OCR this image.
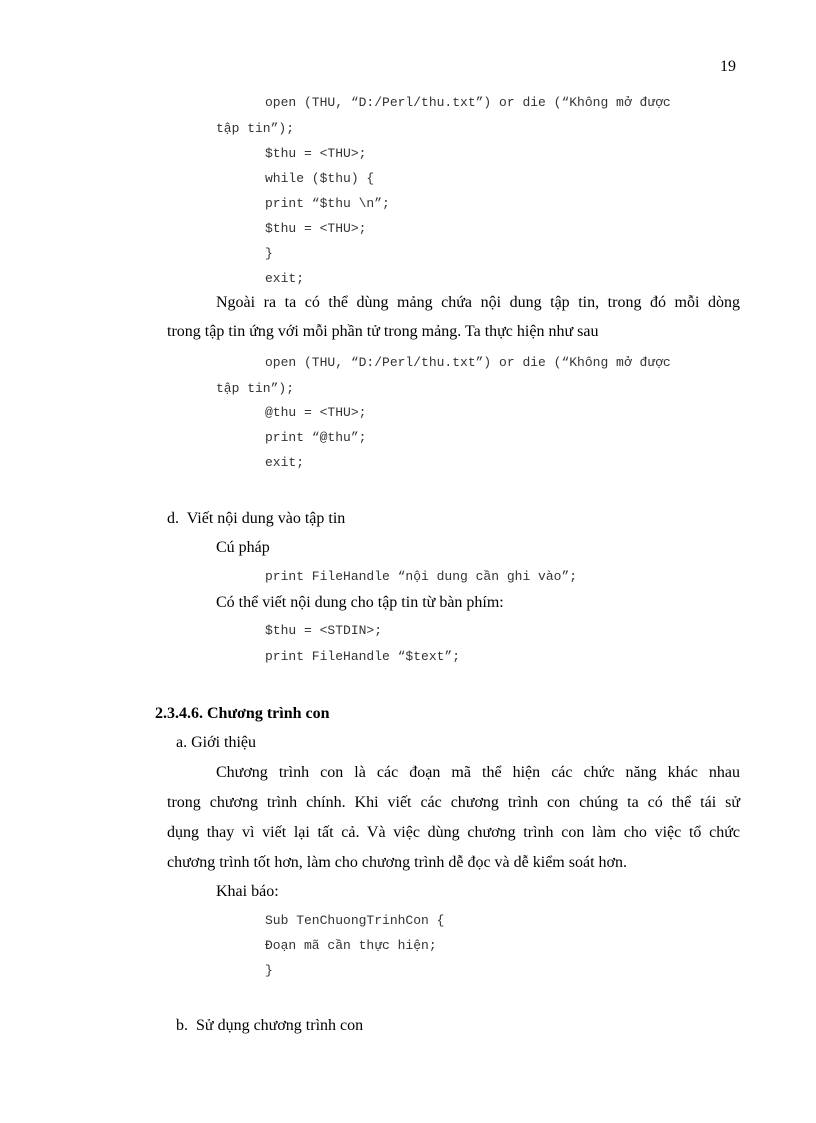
19
open (THU, “D:/Perl/thu.txt”) or die (“Không mở được
tập tin”);
$thu = <THU>;
while ($thu) {
print “$thu \n”;
$thu = <THU>;
}
exit;
Ngoài ra ta có thể dùng mảng chứa nội dung tập tin, trong đó mỗi dòng
trong tập tin ứng với mỗi phần tử trong mảng. Ta thực hiện như sau
open (THU, “D:/Perl/thu.txt”) or die (“Không mở được
tập tin”);
@thu = <THU>;
print “@thu”;
exit;
d.  Viết nội dung vào tập tin
Cú pháp
print FileHandle “nội dung cần ghi vào”;
Có thể viết nội dung cho tập tin từ bàn phím:
$thu = <STDIN>;
print FileHandle “$text”;
2.3.4.6. Chương trình con
a. Giới thiệu
Chương trình con là các đoạn mã thể hiện các chức năng khác nhau
trong chương trình chính. Khi viết các chương trình con chúng ta có thể tái sử
dụng thay vì viết lại tất cả. Và việc dùng chương trình con làm cho việc tổ chức
chương trình tốt hơn, làm cho chương trình dễ đọc và dễ kiểm soát hơn.
Khai báo:
Sub TenChuongTrinhCon {
Đoạn mã cần thực hiện;
}
b.  Sử dụng chương trình con
